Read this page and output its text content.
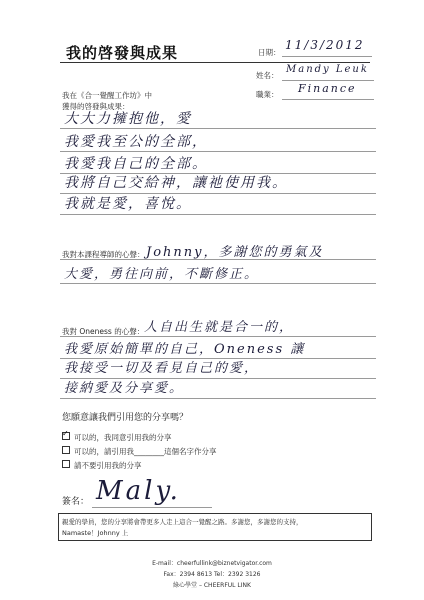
我的啓發與成果	日期：
11/3/2012
姓名：
Mandy Leuk
職業： Finance
我在《合一覺醒工作坊》中
獲得的啓發與成果：
大大力擁抱他，愛
我愛我至公的全部，
我愛我自己的全部。
我將自己交給神，讓祂使用我。
我就是愛，喜悅。
我對本課程導師的心聲： Johnny，多謝您的勇氣及
大愛，勇往向前，不斷修正。
我對 Oneness 的心聲： 人自出生就是合一的，
我愛原始簡單的自己，Oneness 讓
我接受一切及看見自己的愛，
接納愛及分享愛。
您願意讓我們引用您的分享嗎？
✓ 可以的，我同意引用我的分享
可以的，請引用我________這個名字作分享
請不要引用我的分享
簽名： Maly.
親愛的學員，您的分享將會帶更多人走上這合一覺醒之路。多謝您，多謝您的支持，
Namaste！Johnny 上
E-mail：cheerfullink@biznetvigator.com
Fax：2394 8613 Tel：2392 3126
綠心學堂 – CHEERFUL LINK
